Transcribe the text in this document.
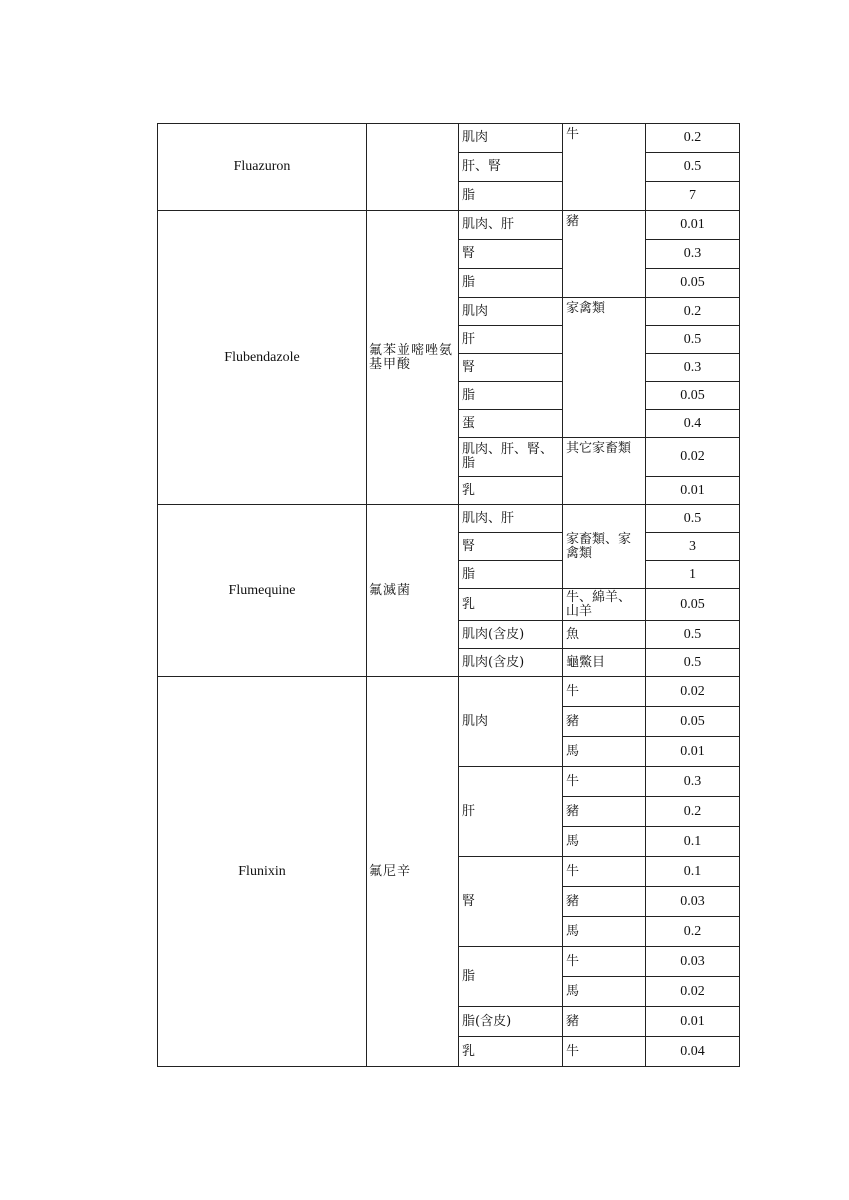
Fluazuron		肌肉	牛	0.2
		肝、腎		0.5
		脂		7
Flubendazole	氟苯並嘧唑氨基甲酸	肌肉、肝	豬	0.01
		腎		0.3
		脂		0.05
		肌肉	家禽類	0.2
		肝		0.5
		腎		0.3
		脂		0.05
		蛋		0.4
		肌肉、肝、腎、脂	其它家畜類	0.02
		乳		0.01
Flumequine	氟滅菌	肌肉、肝	家畜類、家禽類	0.5
		腎		3
		脂		1
		乳	牛、綿羊、山羊	0.05
		肌肉(含皮)	魚	0.5
		肌肉(含皮)	龜鱉目	0.5
Flunixin	氟尼辛	肌肉	牛	0.02
			豬	0.05
			馬	0.01
		肝	牛	0.3
			豬	0.2
			馬	0.1
		腎	牛	0.1
			豬	0.03
			馬	0.2
		脂	牛	0.03
			馬	0.02
		脂(含皮)	豬	0.01
		乳	牛	0.04
